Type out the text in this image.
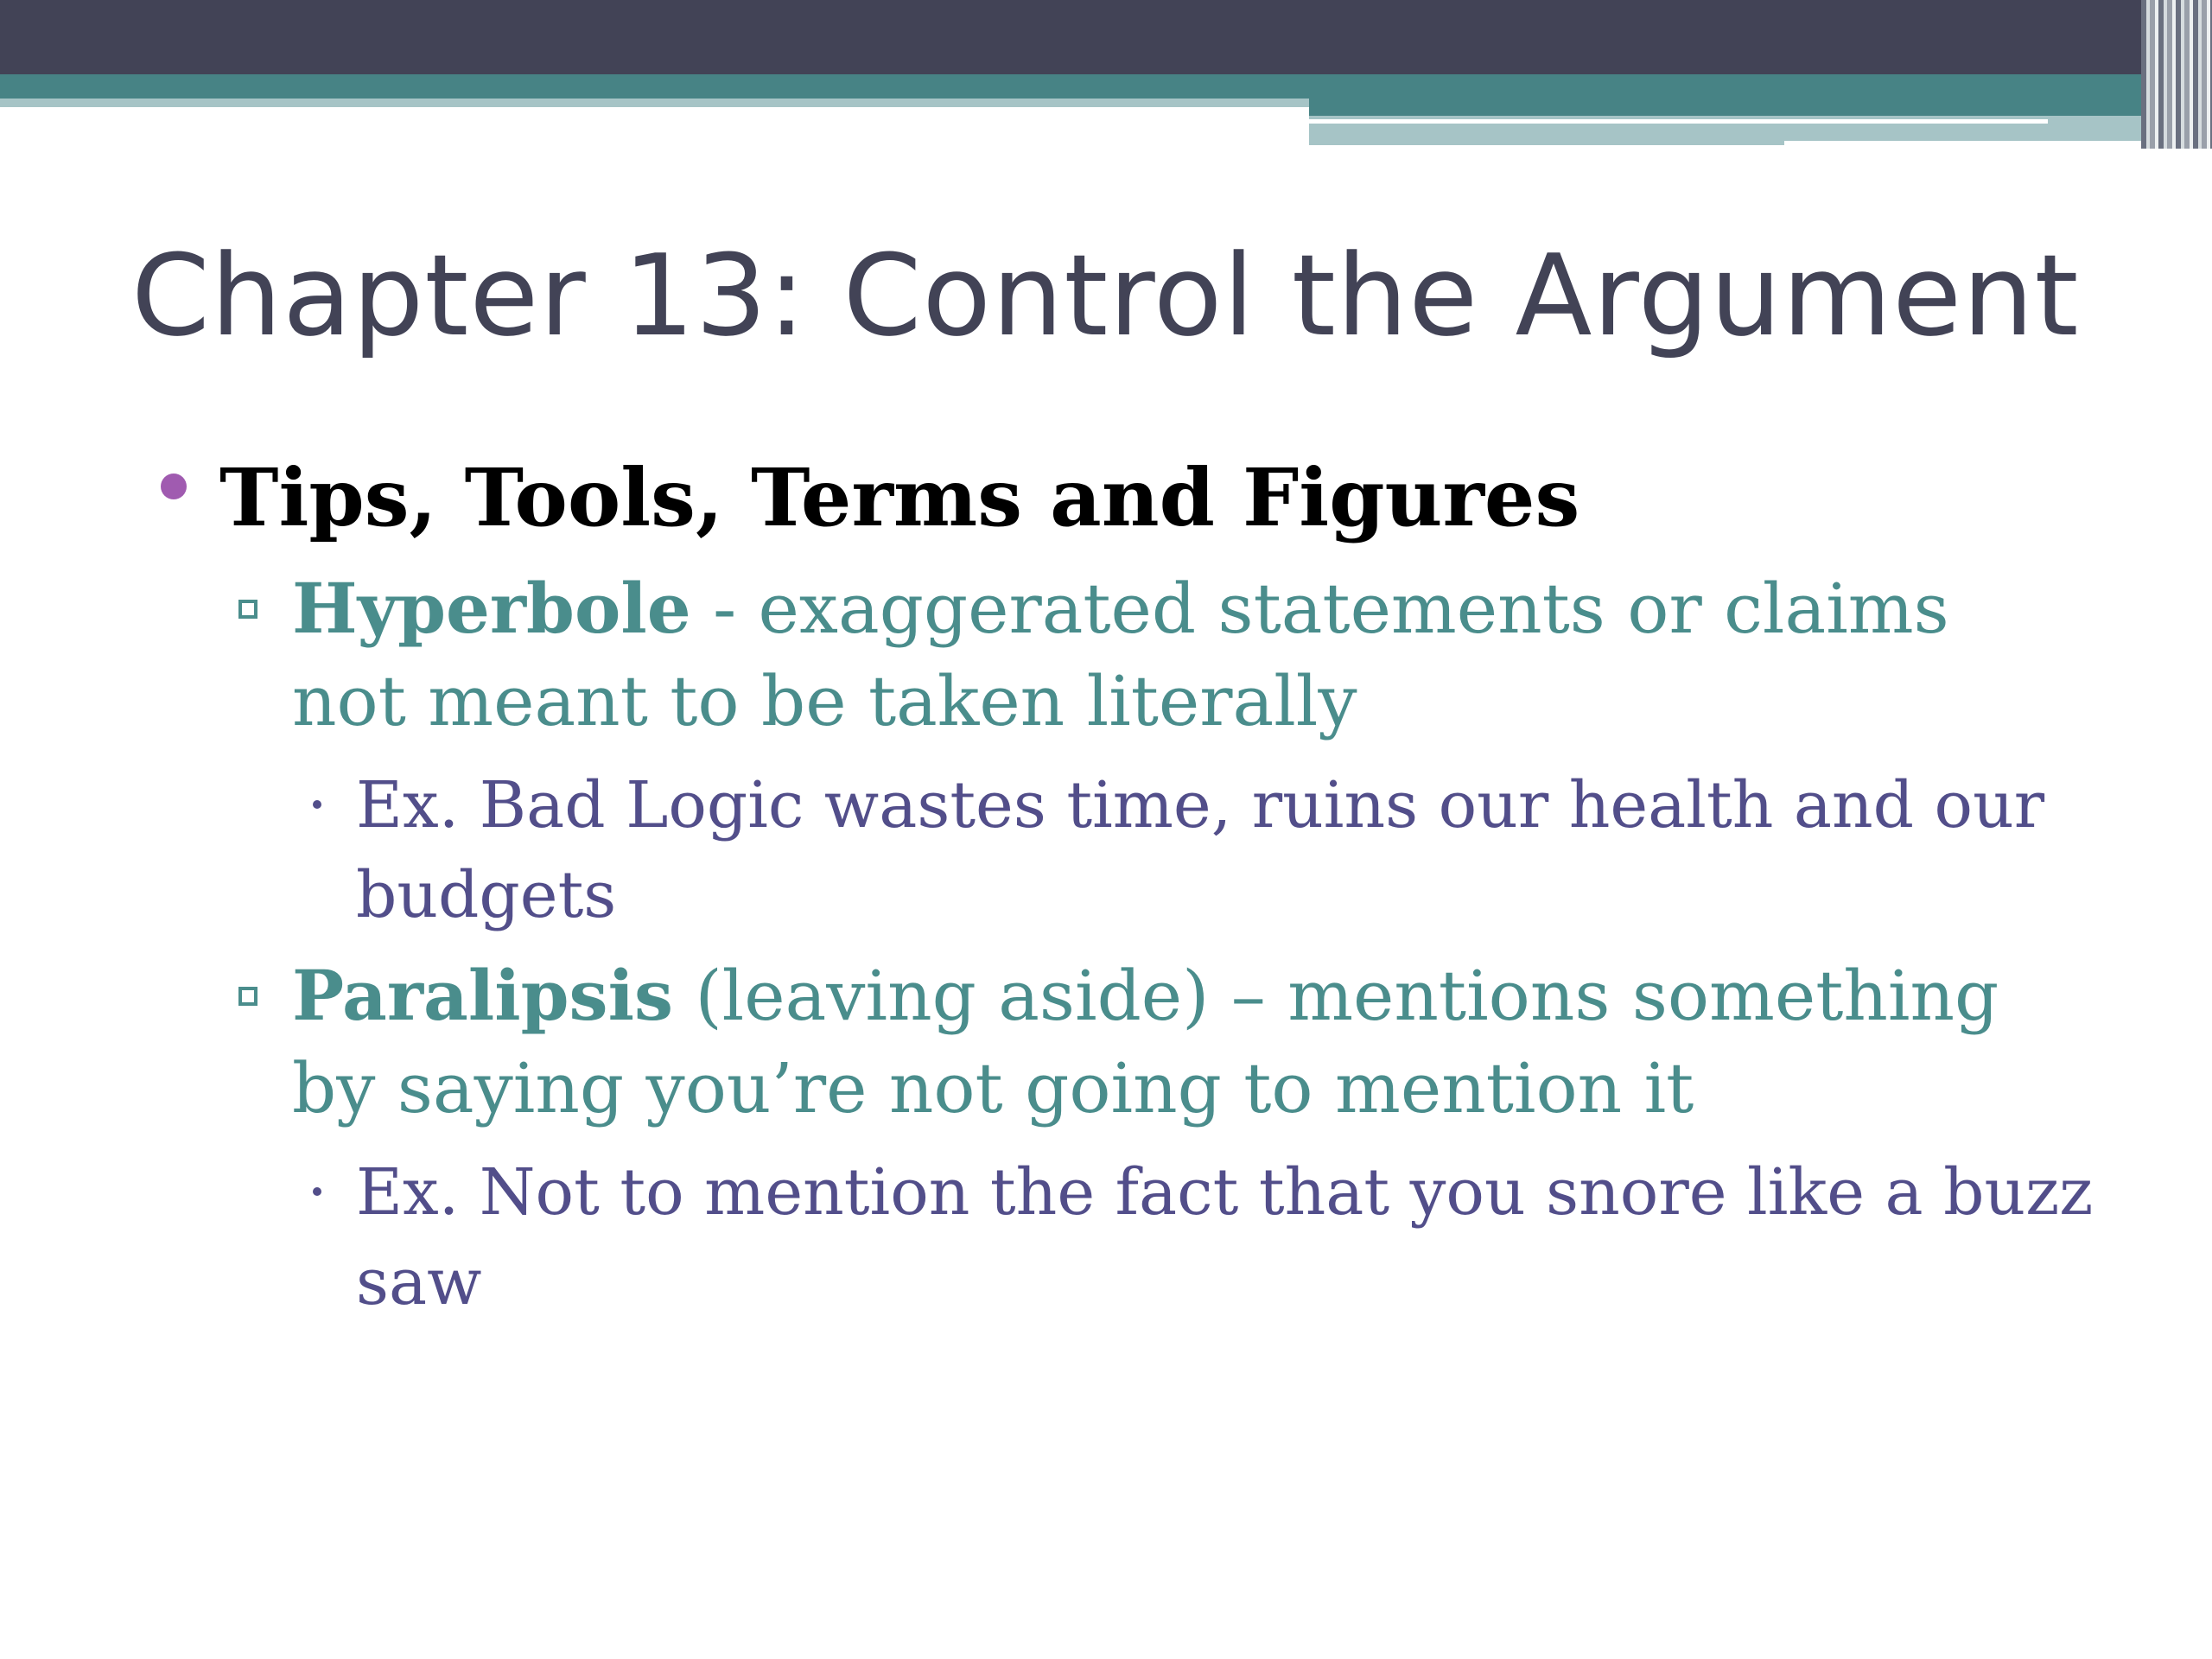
Chapter 13: Control the Argument
Tips, Tools, Terms and Figures
Hyperbole - exaggerated statements or claims
not meant to be taken literally
Ex. Bad Logic wastes time, ruins our health and our
budgets
Paralipsis (leaving aside) – mentions something
by saying you’re not going to mention it
Ex. Not to mention the fact that you snore like a buzz
saw
